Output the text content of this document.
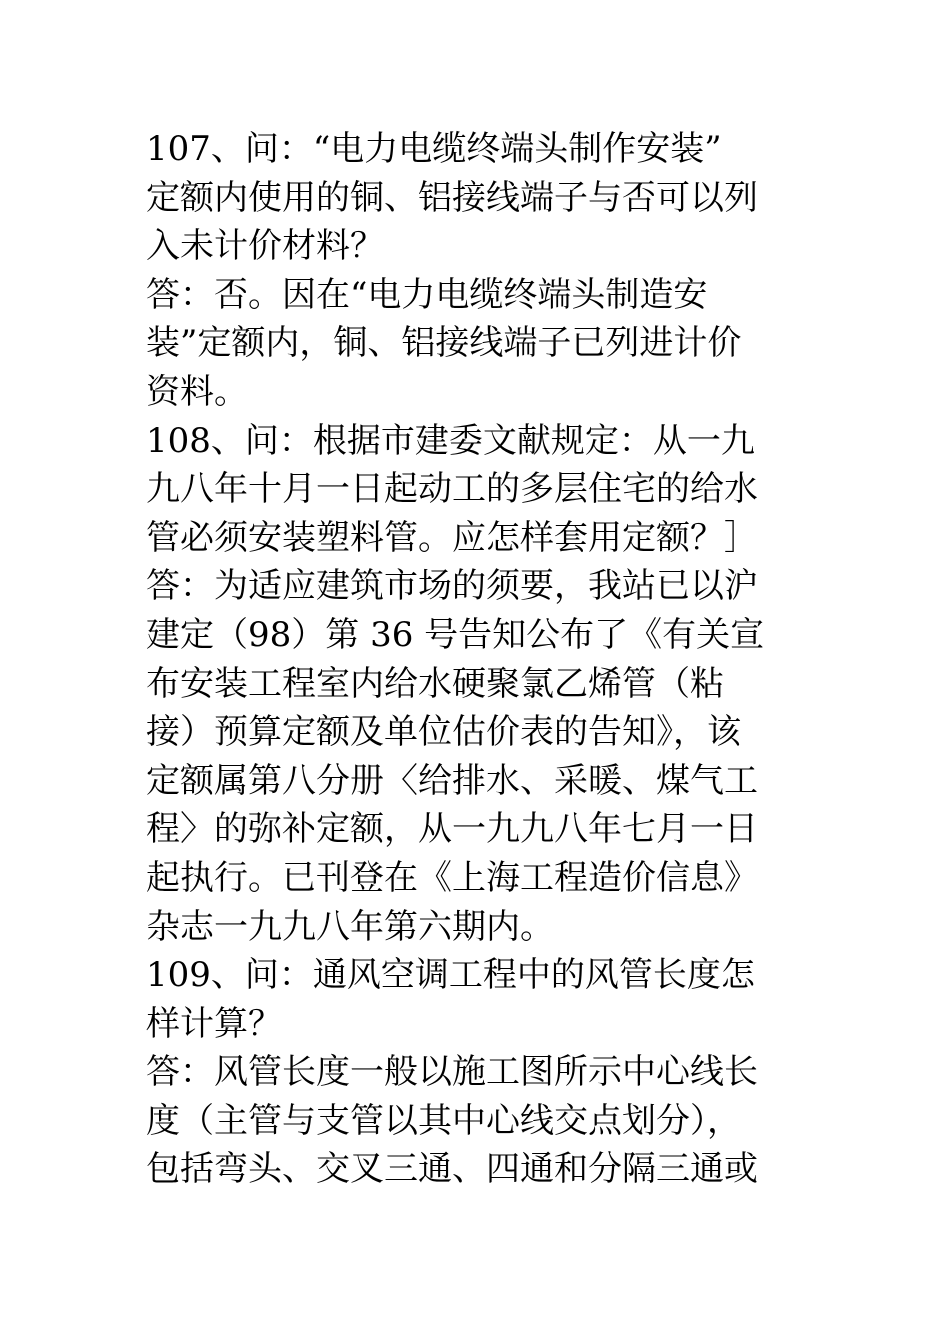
107、问：“电力电缆终端头制作安装”
定额内使用的铜、铝接线端子与否可以列
入未计价材料？
答：否。因在“电力电缆终端头制造安
装”定额内，铜、铝接线端子已列进计价
资料。
108、问：根据市建委文献规定：从一九
九八年十月一日起动工的多层住宅的给水
管必须安装塑料管。应怎样套用定额？］
答：为适应建筑市场的须要，我站已以沪
建定（98）第 36 号告知公布了《有关宣
布安装工程室内给水硬聚氯乙烯管（粘
接）预算定额及单位估价表的告知》，该
定额属第八分册〈给排水、采暖、煤气工
程〉的弥补定额，从一九九八年七月一日
起执行。已刊登在《上海工程造价信息》
杂志一九九八年第六期内。
109、问：通风空调工程中的风管长度怎
样计算？
答：风管长度一般以施工图所示中心线长
度（主管与支管以其中心线交点划分），
包括弯头、交叉三通、四通和分隔三通或
